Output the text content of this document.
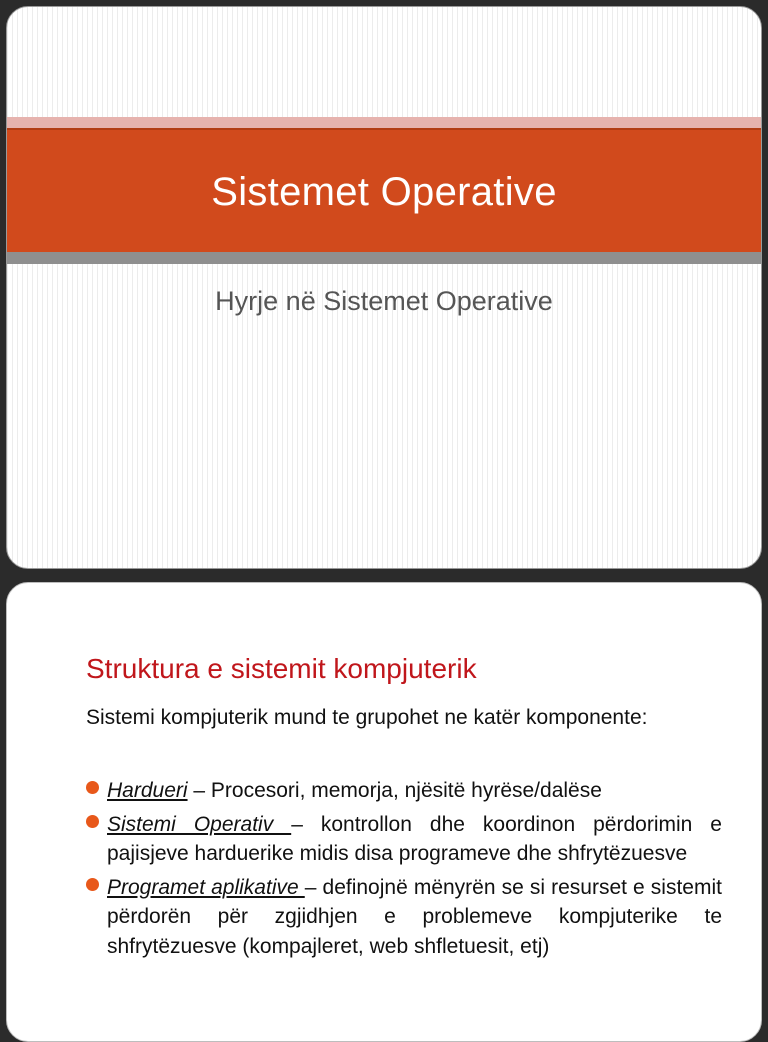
Sistemet Operative
Hyrje në Sistemet Operative
Struktura e sistemit kompjuterik
Sistemi kompjuterik mund te grupohet ne katër komponente:
Hardueri – Procesori, memorja, njësitë hyrëse/dalëse
Sistemi Operativ – kontrollon dhe koordinon përdorimin e pajisjeve harduerike midis disa programeve dhe shfrytëzuesve
Programet aplikative – definojnë mënyrën se si resurset e sistemit përdorën për zgjidhjen e problemeve kompjuterike te shfrytëzuesve (kompajleret, web shfletuesit, etj)
